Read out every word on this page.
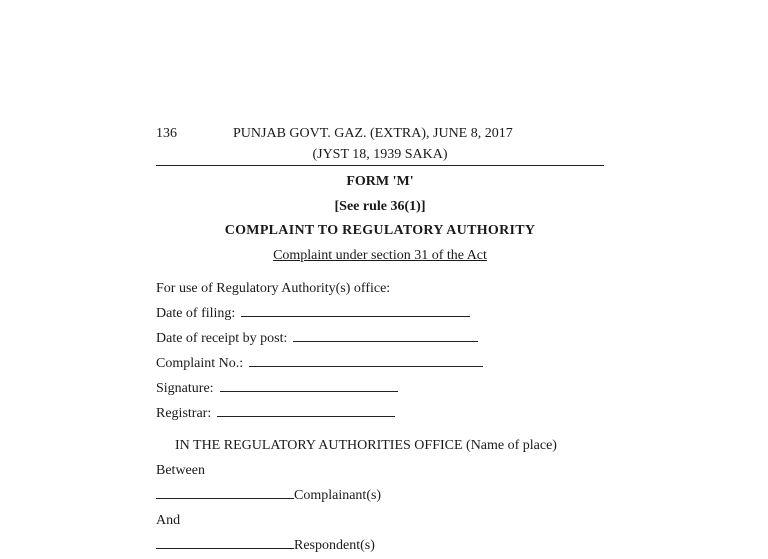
136	PUNJAB GOVT. GAZ. (EXTRA), JUNE 8, 2017
(JYST 18, 1939 SAKA)
FORM 'M'
[See rule 36(1)]
COMPLAINT TO REGULATORY AUTHORITY
Complaint under section 31 of the Act
For use of Regulatory Authority(s) office:
Date of filing:
Date of receipt by post:
Complaint No.:
Signature:
Registrar:
IN THE REGULATORY AUTHORITIES OFFICE (Name of place)
Between
Complainant(s)
And
Respondent(s)
